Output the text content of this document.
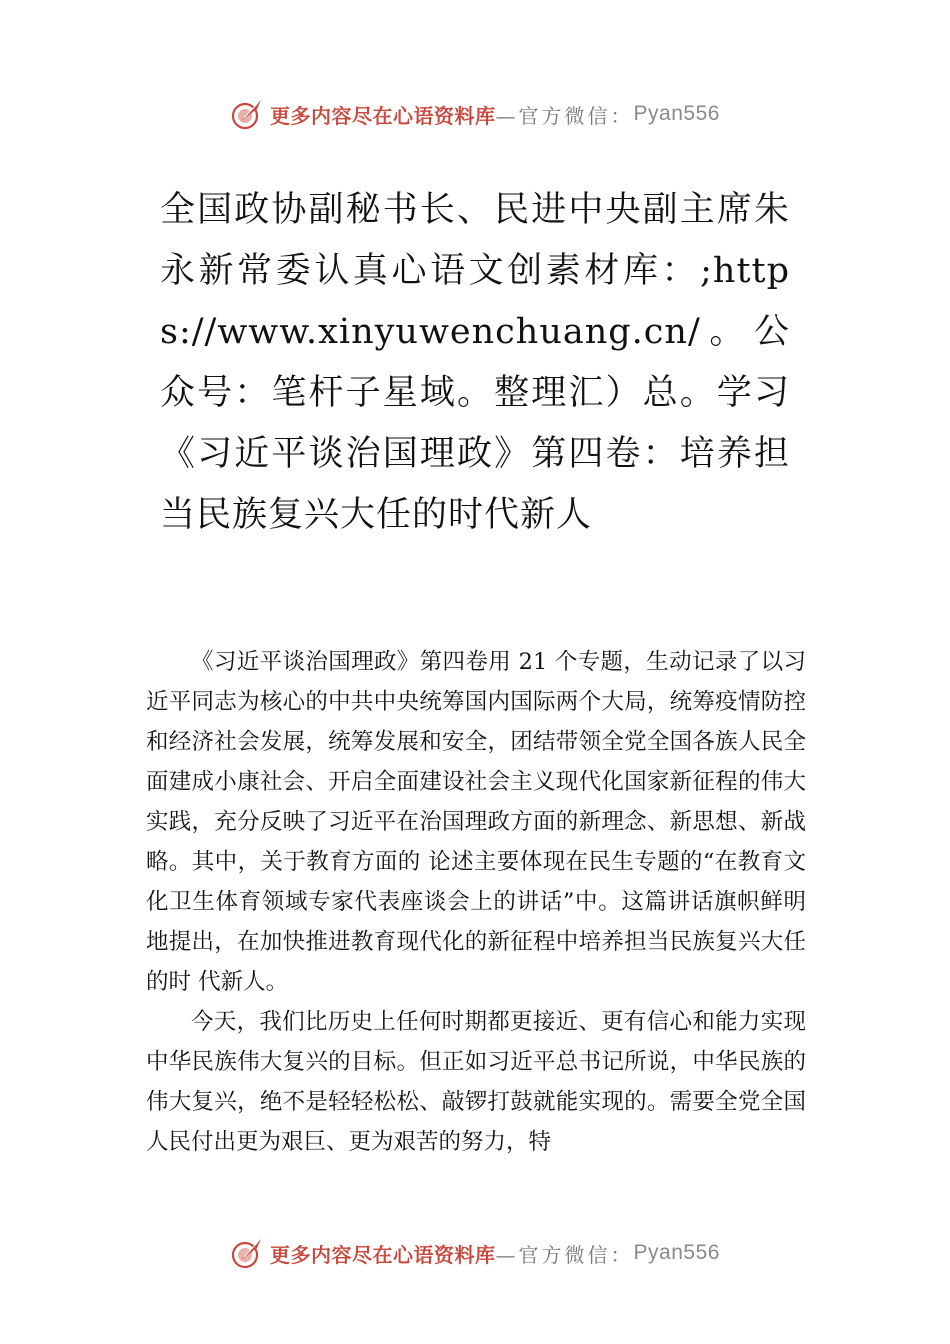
更多内容尽在心语资料库 —官方微信： Pyan556
全国政协副秘书长、民进中央副主席朱永新常委认真心语文创素材库：;https://www.xinyuwenchuang.cn/。公众号：笔杆子星域。整理汇）总。学习《习近平谈治国理政》第四卷：培养担当民族复兴大任的时代新人

《习近平谈治国理政》第四卷用 21 个专题，生动记录了以习近平同志为核心的中共中央统筹国内国际两个大局，统筹疫情防控和经济社会发展，统筹发展和安全，团结带领全党全国各族人民全面建成小康社会、开启全面建设社会主义现代化国家新征程的伟大实践，充分反映了习近平在治国理政方面的新理念、新思想、新战略。其中，关于教育方面的 论述主要体现在民生专题的“在教育文化卫生体育领域专家代表座谈会上的讲话”中。这篇讲话旗帜鲜明地提出，在加快推进教育现代化的新征程中培养担当民族复兴大任的时 代新人。

今天，我们比历史上任何时期都更接近、更有信心和能力实现中华民族伟大复兴的目标。但正如习近平总书记所说，中华民族的伟大复兴，绝不是轻轻松松、敲锣打鼓就能实现的。需要全党全国人民付出更为艰巨、更为艰苦的努力，特

更多内容尽在心语资料库 —官方微信： Pyan556
